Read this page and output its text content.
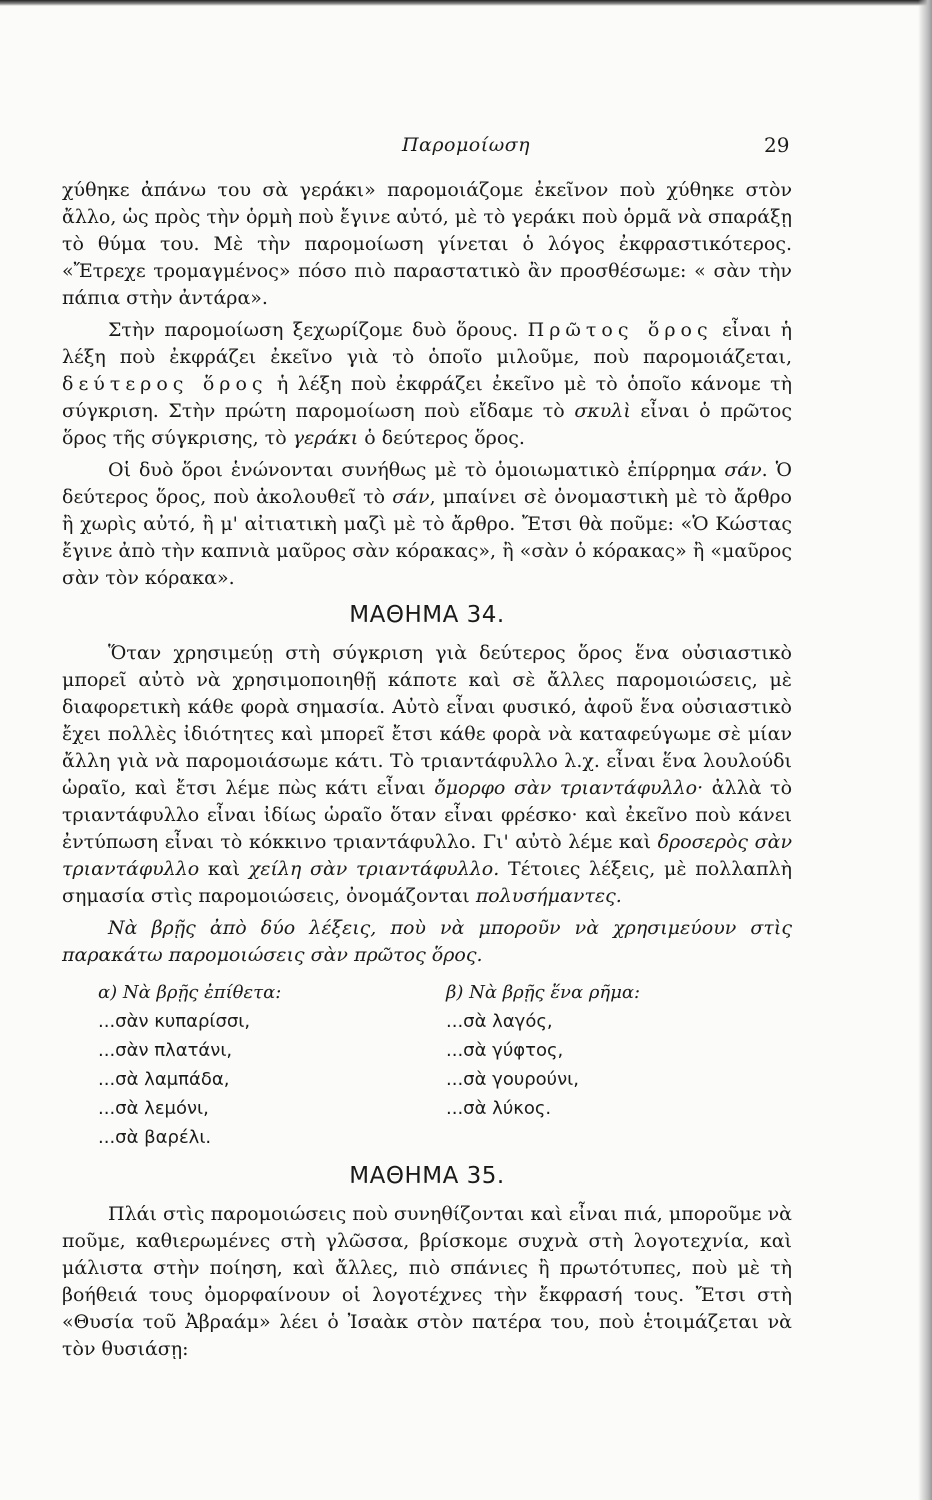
Παρομοίωση	29

χύθηκε ἀπάνω του σὰ γεράκι» παρομοιάζομε ἐκεῖνον ποὺ χύθηκε στὸν ἄλλο, ὡς πρὸς τὴν ὁρμὴ ποὺ ἔγινε αὐτό, μὲ τὸ γεράκι ποὺ ὁρμᾶ νὰ σπαράξῃ τὸ θύμα του. Μὲ τὴν παρομοίωση γίνεται ὁ λόγος ἐκφραστικότερος. «Ἔτρεχε τρομαγμένος» πόσο πιὸ παραστατικὸ ἂν προσθέσωμε: « σὰν τὴν πάπια στὴν ἀντάρα».

Στὴν παρομοίωση ξεχωρίζομε δυὸ ὅρους. Πρῶτος ὅρος εἶναι ἡ λέξη ποὺ ἐκφράζει ἐκεῖνο γιὰ τὸ ὁποῖο μιλοῦμε, ποὺ παρομοιάζεται, δεύτερος ὅρος ἡ λέξη ποὺ ἐκφράζει ἐκεῖνο μὲ τὸ ὁποῖο κάνομε τὴ σύγκριση. Στὴν πρώτη παρομοίωση ποὺ εἴδαμε τὸ σκυλὶ εἶναι ὁ πρῶτος ὅρος τῆς σύγκρισης, τὸ γεράκι ὁ δεύτερος ὅρος.

Οἱ δυὸ ὅροι ἑνώνονται συνήθως μὲ τὸ ὁμοιωματικὸ ἐπίρρημα σάν. Ὁ δεύτερος ὅρος, ποὺ ἀκολουθεῖ τὸ σάν, μπαίνει σὲ ὀνομαστικὴ μὲ τὸ ἄρθρο ἢ χωρὶς αὐτό, ἢ μ' αἰτιατικὴ μαζὶ μὲ τὸ ἄρθρο. Ἔτσι θὰ ποῦμε: «Ὁ Κώστας ἔγινε ἀπὸ τὴν καπνιὰ μαῦρος σὰν κόρακας», ἢ «σὰν ὁ κόρακας» ἢ «μαῦρος σὰν τὸν κόρακα».

ΜΑΘΗΜΑ 34.

Ὅταν χρησιμεύῃ στὴ σύγκριση γιὰ δεύτερος ὅρος ἕνα οὐσιαστικὸ μπορεῖ αὐτὸ νὰ χρησιμοποιηθῇ κάποτε καὶ σὲ ἄλλες παρομοιώσεις, μὲ διαφορετικὴ κάθε φορὰ σημασία. Αὐτὸ εἶναι φυσικό, ἀφοῦ ἕνα οὐσιαστικὸ ἔχει πολλὲς ἰδιότητες καὶ μπορεῖ ἔτσι κάθε φορὰ νὰ καταφεύγωμε σὲ μίαν ἄλλη γιὰ νὰ παρομοιάσωμε κάτι. Τὸ τριαντάφυλλο λ.χ. εἶναι ἕνα λουλούδι ὡραῖο, καὶ ἔτσι λέμε πὼς κάτι εἶναι ὄμορφο σὰν τριαντάφυλλο· ἀλλὰ τὸ τριαντάφυλλο εἶναι ἰδίως ὡραῖο ὅταν εἶναι φρέσκο· καὶ ἐκεῖνο ποὺ κάνει ἐντύπωση εἶναι τὸ κόκκινο τριαντάφυλλο. Γι' αὐτὸ λέμε καὶ δροσερὸς σὰν τριαντάφυλλο καὶ χείλη σὰν τριαντάφυλλο. Τέτοιες λέξεις, μὲ πολλαπλὴ σημασία στὶς παρομοιώσεις, ὀνομάζονται πολυσήμαντες.

Νὰ βρῇς ἀπὸ δύο λέξεις, ποὺ νὰ μποροῦν νὰ χρησιμεύουν στὶς παρακάτω παρομοιώσεις σὰν πρῶτος ὅρος.

α) Νὰ βρῇς ἐπίθετα:
...σὰν κυπαρίσσι,
...σὰν πλατάνι,
...σὰ λαμπάδα,
...σὰ λεμόνι,
...σὰ βαρέλι.
β) Νὰ βρῇς ἕνα ρῆμα:
...σὰ λαγός,
...σὰ γύφτος,
...σὰ γουρούνι,
...σὰ λύκος.
ΜΑΘΗΜΑ 35.

Πλάι στὶς παρομοιώσεις ποὺ συνηθίζονται καὶ εἶναι πιά, μποροῦμε νὰ ποῦμε, καθιερωμένες στὴ γλῶσσα, βρίσκομε συχνὰ στὴ λογοτεχνία, καὶ μάλιστα στὴν ποίηση, καὶ ἄλλες, πιὸ σπάνιες ἢ πρωτότυπες, ποὺ μὲ τὴ βοήθειά τους ὀμορφαίνουν οἱ λογοτέχνες τὴν ἔκφρασή τους. Ἔτσι στὴ «Θυσία τοῦ Ἀβραάμ» λέει ὁ Ἰσαὰκ στὸν πατέρα του, ποὺ ἑτοιμάζεται νὰ τὸν θυσιάσῃ:
